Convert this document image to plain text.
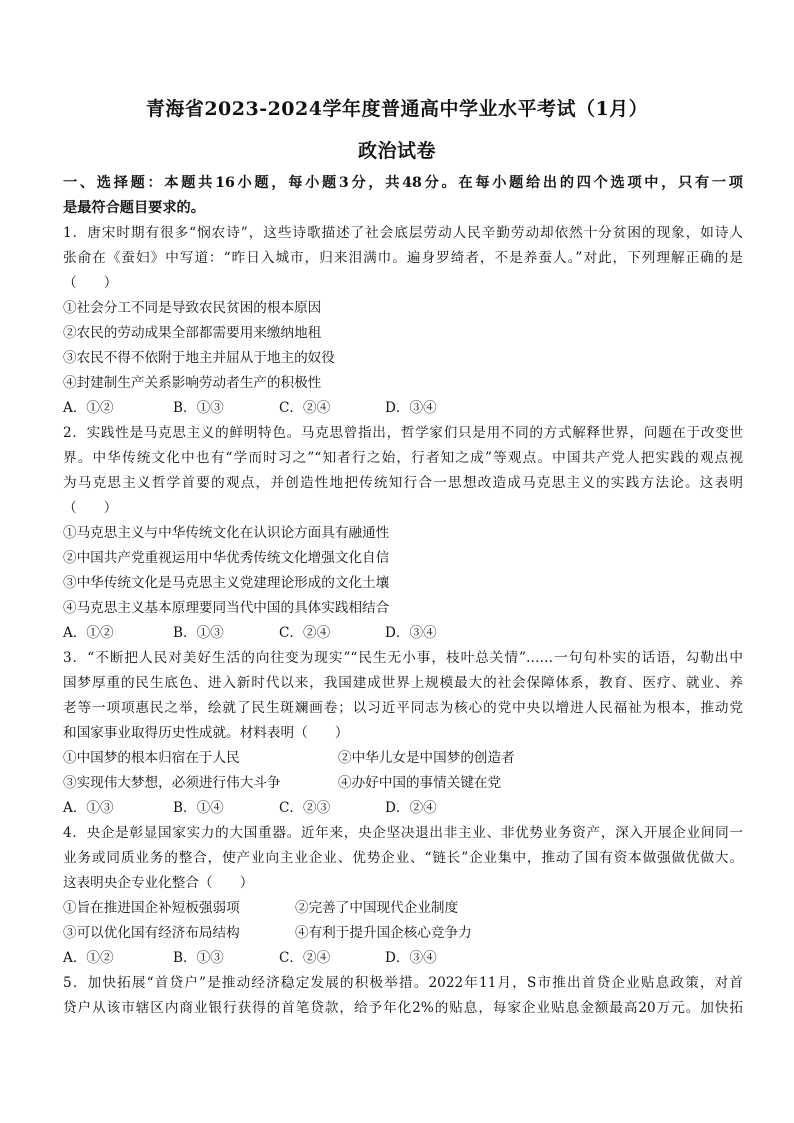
青海省2023-2024学年度普通高中学业水平考试（1月）
政治试卷
一、选择题：本题共16小题，每小题3分，共48分。在每小题给出的四个选项中，只有一项
是最符合题目要求的。
1．唐宋时期有很多“悯农诗”，这些诗歌描述了社会底层劳动人民辛勤劳动却依然十分贫困的现象，如诗人
张俞在《蚕妇》中写道：“昨日入城市，归来泪满巾。遍身罗绮者，不是养蚕人。”对此，下列理解正确的是
（　　）
①社会分工不同是导致农民贫困的根本原因
②农民的劳动成果全部都需要用来缴纳地租
③农民不得不依附于地主并屈从于地主的奴役
④封建制生产关系影响劳动者生产的积极性
A．①②	B．①③	C．②④	D．③④
2．实践性是马克思主义的鲜明特色。马克思曾指出，哲学家们只是用不同的方式解释世界，问题在于改变世
界。中华传统文化中也有“学而时习之”“知者行之始，行者知之成”等观点。中国共产党人把实践的观点视
为马克思主义哲学首要的观点，并创造性地把传统知行合一思想改造成马克思主义的实践方法论。这表明
（　　）
①马克思主义与中华传统文化在认识论方面具有融通性
②中国共产党重视运用中华优秀传统文化增强文化自信
③中华传统文化是马克思主义党建理论形成的文化土壤
④马克思主义基本原理要同当代中国的具体实践相结合
A．①②	B．①③	C．②④	D．③④
3．“不断把人民对美好生活的向往变为现实”“民生无小事，枝叶总关情”……一句句朴实的话语，勾勒出中
国梦厚重的民生底色、进入新时代以来，我国建成世界上规模最大的社会保障体系，教育、医疗、就业、养
老等一项项惠民之举，绘就了民生斑斓画卷；以习近平同志为核心的党中央以增进人民福祉为根本，推动党
和国家事业取得历史性成就。材料表明（　　）
①中国梦的根本归宿在于人民	②中华儿女是中国梦的创造者
③实现伟大梦想，必须进行伟大斗争	④办好中国的事情关键在党
A．①③	B．①④	C．②③	D．②④
4．央企是彰显国家实力的大国重器。近年来，央企坚决退出非主业、非优势业务资产，深入开展企业间同一
业务或同质业务的整合，使产业向主业企业、优势企业、“链长”企业集中，推动了国有资本做强做优做大。
这表明央企专业化整合（　　）
①旨在推进国企补短板强弱项	②完善了中国现代企业制度
③可以优化国有经济布局结构	④有利于提升国企核心竞争力
A．①②	B．①③	C．②④	D．③④
5．加快拓展“首贷户”是推动经济稳定发展的积极举措。2022年11月，S市推出首贷企业贴息政策，对首
贷户从该市辖区内商业银行获得的首笔贷款，给予年化2%的贴息，每家企业贴息金额最高20万元。加快拓
